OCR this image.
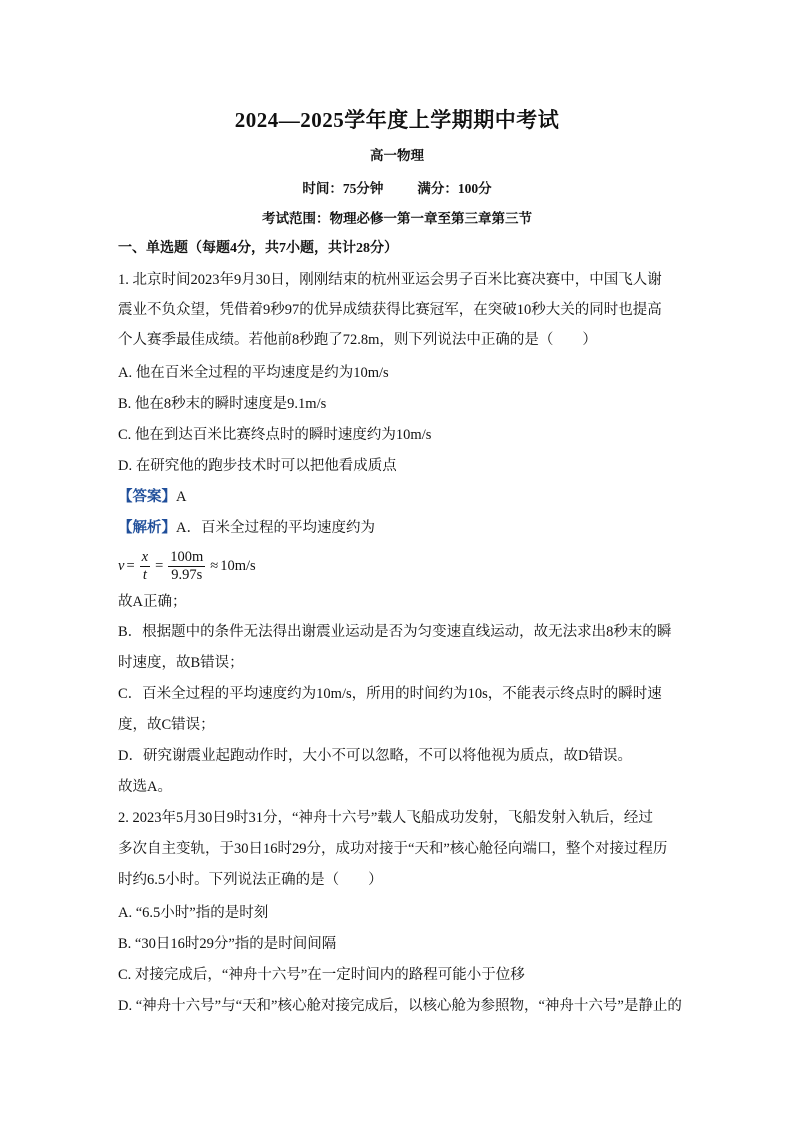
2024—2025学年度上学期期中考试
高一物理
时间：75分钟	满分：100分
考试范围：物理必修一第一章至第三章第三节
一、单选题（每题4分，共7小题，共计28分）
1. 北京时间2023年9月30日，刚刚结束的杭州亚运会男子百米比赛决赛中，中国飞人谢
震业不负众望，凭借着9秒97的优异成绩获得比赛冠军，在突破10秒大关的同时也提高
个人赛季最佳成绩。若他前8秒跑了72.8m，则下列说法中正确的是（　　）
A. 他在百米全过程的平均速度是约为10m/s
B. 他在8秒末的瞬时速度是9.1m/s
C. 他在到达百米比赛终点时的瞬时速度约为10m/s
D. 在研究他的跑步技术时可以把他看成质点
【答案】A
【解析】A．百米全过程的平均速度约为
$v = \frac{x}{t} = \frac{100m}{9.97s} \approx 10m/s$
故A正确；
B．根据题中的条件无法得出谢震业运动是否为匀变速直线运动，故无法求出8秒末的瞬
时速度，故B错误；
C．百米全过程的平均速度约为10m/s，所用的时间约为10s，不能表示终点时的瞬时速
度，故C错误；
D．研究谢震业起跑动作时，大小不可以忽略，不可以将他视为质点，故D错误。
故选A。
2. 2023年5月30日9时31分，“神舟十六号”载人飞船成功发射，飞船发射入轨后，经过
多次自主变轨，于30日16时29分，成功对接于“天和”核心舱径向端口，整个对接过程历
时约6.5小时。下列说法正确的是（　　）
A. “6.5小时”指的是时刻
B. “30日16时29分”指的是时间间隔
C. 对接完成后，“神舟十六号”在一定时间内的路程可能小于位移
D. “神舟十六号”与“天和”核心舱对接完成后，以核心舱为参照物，“神舟十六号”是静止的
